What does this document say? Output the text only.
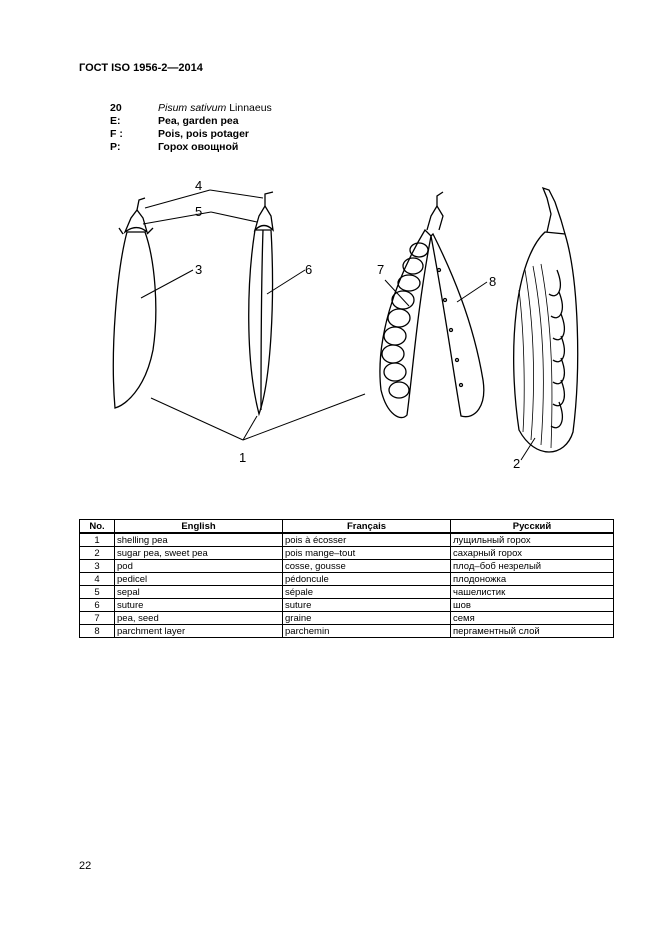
ГОСТ ISO 1956-2—2014
20	Pisum sativum Linnaeus
E:	Pea, garden pea
F :	Pois, pois potager
P:	Горох овощной
4
5
3	6	7
8
1	2
No.	English	Français	Русский
1	shelling pea	pois à écosser	лущильный горох
2	sugar pea, sweet pea	pois mange–tout	сахарный горох
3	pod	cosse, gousse	плод–боб незрелый
4	pedicel	pédoncule	плодоножка
5	sepal	sépale	чашелистик
6	suture	suture	шов
7	pea, seed	graine	семя
8	parchment layer	parchemin	пергаментный слой
22
